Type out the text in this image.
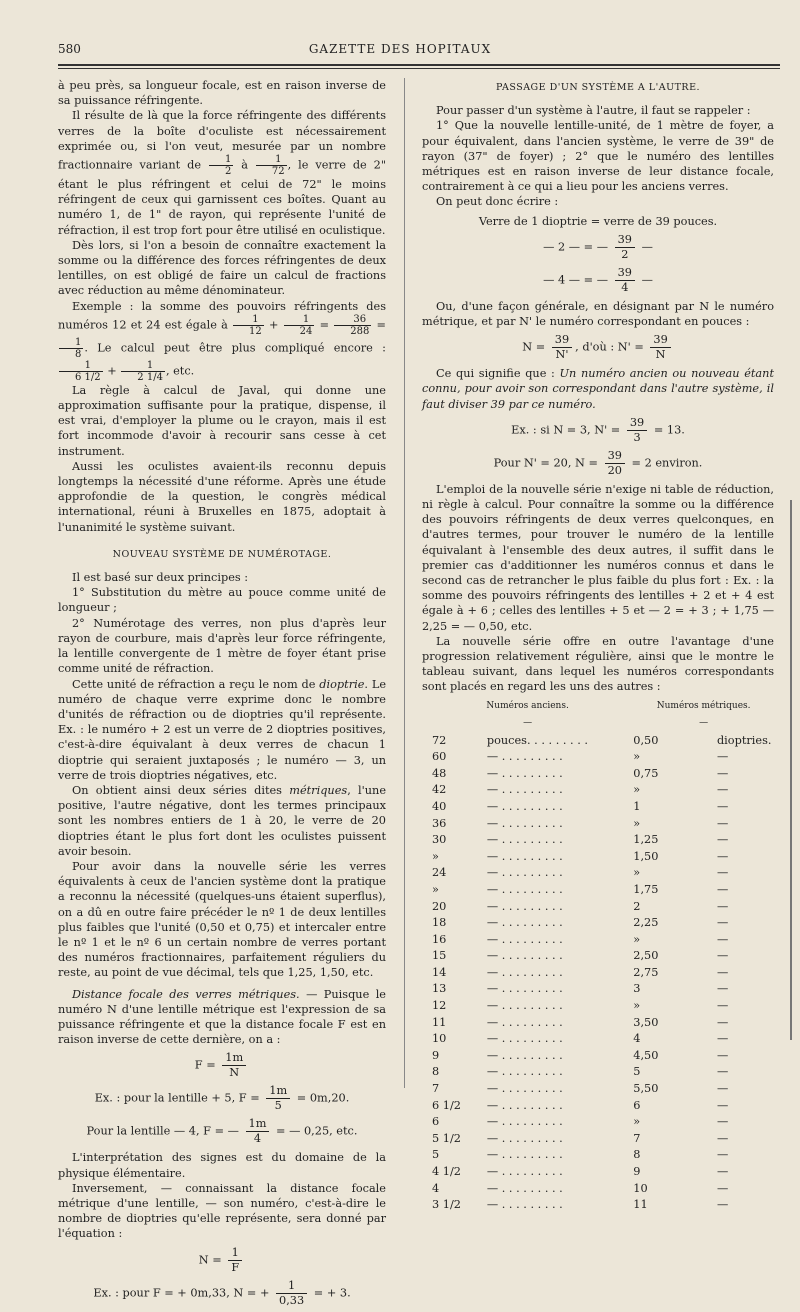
580	GAZETTE DES HOPITAUX

à peu près, sa longueur focale, est en raison inverse de sa puissance réfringente.

Il résulte de là que la force réfringente des différents verres de la boîte d'oculiste est nécessairement exprimée ou, si l'on veut, mesurée par un nombre fractionnaire variant de $\frac{1}{2}$ à $\frac{1}{72}$ , le verre de 2" étant le plus réfringent et celui de 72" le moins réfringent de ceux qui garnissent ces boîtes. Quant au numéro 1, de 1" de rayon, qui représente l'unité de réfraction, il est trop fort pour être utilisé en oculistique.

Dès lors, si l'on a besoin de connaître exactement la somme ou la différence des forces réfringentes de deux lentilles, on est obligé de faire un calcul de fractions avec réduction au même dénominateur.

Exemple : la somme des pouvoirs réfringents des numéros 12 et 24 est égale à $\frac{1}{12} + \frac{1}{24} = \frac{36}{288}$ =
$\frac{1}{8}$ . Le calcul peut être plus compliqué encore :
$\frac{1}{6 1/2} + \frac{1}{2 1/4}$ , etc.

La règle à calcul de Javal, qui donne une approximation suffisante pour la pratique, dispense, il est vrai, d'employer la plume ou le crayon, mais il est fort incommode d'avoir à recourir sans cesse à cet instrument.

Aussi les oculistes avaient-ils reconnu depuis longtemps la nécessité d'une réforme. Après une étude approfondie de la question, le congrès médical international, réuni à Bruxelles en 1875, adoptait à l'unanimité le système suivant.

NOUVEAU SYSTÈME DE NUMÉROTAGE.

Il est basé sur deux principes :

1° Substitution du mètre au pouce comme unité de longueur ;

2° Numérotage des verres, non plus d'après leur rayon de courbure, mais d'après leur force réfringente, la lentille convergente de 1 mètre de foyer étant prise comme unité de réfraction.

Cette unité de réfraction a reçu le nom de dioptrie. Le numéro de chaque verre exprime donc le nombre d'unités de réfraction ou de dioptries qu'il représente. Ex. : le numéro + 2 est un verre de 2 dioptries positives, c'est-à-dire équivalant à deux verres de chacun 1 dioptrie qui seraient juxtaposés ; le numéro — 3, un verre de trois dioptries négatives, etc.

On obtient ainsi deux séries dites métriques, l'une positive, l'autre négative, dont les termes principaux sont les nombres entiers de 1 à 20, le verre de 20 dioptries étant le plus fort dont les oculistes puissent avoir besoin.

Pour avoir dans la nouvelle série les verres équivalents à ceux de l'ancien système dont la pratique a reconnu la nécessité (quelques-uns étaient superflus), on a dû en outre faire précéder le nº 1 de deux lentilles plus faibles que l'unité (0,50 et 0,75) et intercaler entre le nº 1 et le nº 6 un certain nombre de verres portant des numéros fractionnaires, parfaitement réguliers du reste, au point de vue décimal, tels que 1,25, 1,50, etc.

Distance focale des verres métriques. — Puisque le numéro N d'une lentille métrique est l'expression de sa puissance réfringente et que la distance focale F est en raison inverse de cette dernière, on a :

$F = \frac{1m}{N}$

Ex. : pour la lentille + 5, $F = \frac{1m}{5} = 0m,20$.

Pour la lentille — 4, F = — $\frac{1m}{4}$ = — 0,25, etc.

L'interprétation des signes est du domaine de la physique élémentaire.

Inversement, — connaissant la distance focale métrique d'une lentille, — son numéro, c'est-à-dire le nombre de dioptries qu'elle représente, sera donné par l'équation :

$N = \frac{1}{F}$

Ex. : pour F = + 0m,33, N = + $\frac{1}{0,33}$ = + 3.

PASSAGE D'UN SYSTÈME A L'AUTRE.

Pour passer d'un système à l'autre, il faut se rappeler :

1° Que la nouvelle lentille-unité, de 1 mètre de foyer, a pour équivalent, dans l'ancien système, le verre de 39" de rayon (37" de foyer) ; 2° que le numéro des lentilles métriques est en raison inverse de leur distance focale, contrairement à ce qui a lieu pour les anciens verres.

On peut donc écrire :

Verre de 1 dioptrie = verre de 39 pouces.

— 2 — = — $\frac{39}{2}$ —

— 4 — = — $\frac{39}{4}$ —

Ou, d'une façon générale, en désignant par N le numéro métrique, et par N' le numéro correspondant en pouces :

$N = \frac{39}{N'}$ , d'où : $N' = \frac{39}{N}$

Ce qui signifie que : Un numéro ancien ou nouveau étant connu, pour avoir son correspondant dans l'autre système, il faut diviser 39 par ce numéro.

Ex. : si N = 3, $N' = \frac{39}{3} = 13$.

Pour N' = 20, $N = \frac{39}{20} = 2$ environ.

L'emploi de la nouvelle série n'exige ni table de réduction, ni règle à calcul. Pour connaître la somme ou la différence des pouvoirs réfringents de deux verres quelconques, en d'autres termes, pour trouver le numéro de la lentille équivalant à l'ensemble des deux autres, il suffit dans le premier cas d'additionner les numéros connus et dans le second cas de retrancher le plus faible du plus fort : Ex. : la somme des pouvoirs réfringents des lentilles + 2 et + 4 est égale à + 6 ; celles des lentilles + 5 et — 2 = + 3 ; + 1,75 — 2,25 = — 0,50, etc.

La nouvelle série offre en outre l'avantage d'une progression relativement régulière, ainsi que le montre le tableau suivant, dans lequel les numéros correspondants sont placés en regard les uns des autres :

Numéros anciens.		Numéros métriques.	
—		—	
72	pouces. . . . . . . . .	0,50	dioptries.
60	— . . . . . . . . .	»	—
48	— . . . . . . . . .	0,75	—
42	— . . . . . . . . .	»	—
40	— . . . . . . . . .	1	—
36	— . . . . . . . . .	»	—
30	— . . . . . . . . .	1,25	—
»	— . . . . . . . . .	1,50	—
24	— . . . . . . . . .	»	—
»	— . . . . . . . . .	1,75	—
20	— . . . . . . . . .	2	—
18	— . . . . . . . . .	2,25	—
16	— . . . . . . . . .	»	—
15	— . . . . . . . . .	2,50	—
14	— . . . . . . . . .	2,75	—
13	— . . . . . . . . .	3	—
12	— . . . . . . . . .	»	—
11	— . . . . . . . . .	3,50	—
10	— . . . . . . . . .	4	—
9	— . . . . . . . . .	4,50	—
8	— . . . . . . . . .	5	—
7	— . . . . . . . . .	5,50	—
6 1/2	— . . . . . . . . .	6	—
6	— . . . . . . . . .	»	—
5 1/2	— . . . . . . . . .	7	—
5	— . . . . . . . . .	8	—
4 1/2	— . . . . . . . . .	9	—
4	— . . . . . . . . .	10	—
3 1/2	— . . . . . . . . .	11	—
